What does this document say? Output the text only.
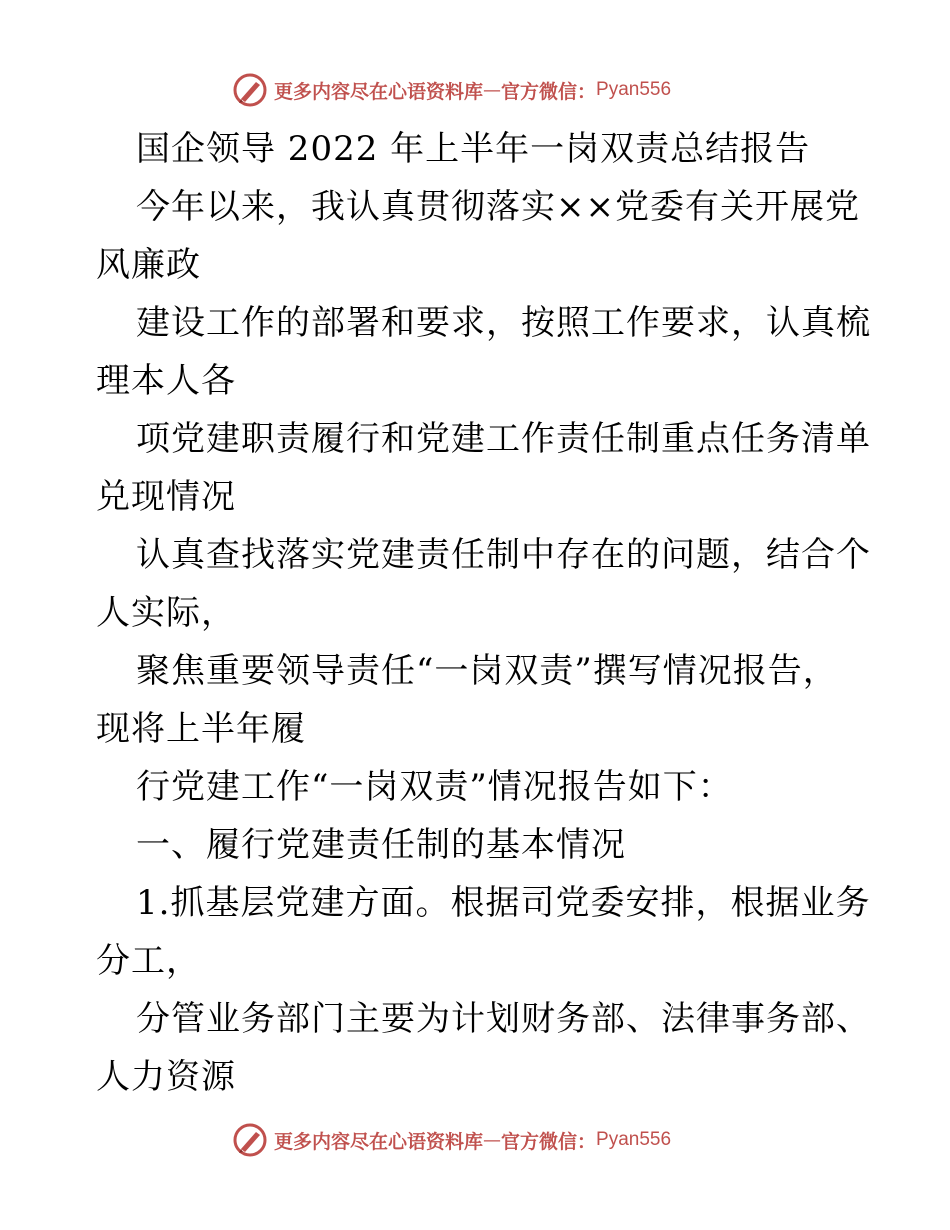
更多内容尽在心语资料库 — 官方微信： Pyan556
国企领导 2022 年上半年一岗双责总结报告
今年以来，我认真贯彻落实××党委有关开展党
风廉政
建设工作的部署和要求，按照工作要求，认真梳
理本人各
项党建职责履行和党建工作责任制重点任务清单
兑现情况
认真查找落实党建责任制中存在的问题，结合个
人实际，
聚焦重要领导责任“一岗双责”撰写情况报告，
现将上半年履
行党建工作“一岗双责”情况报告如下：
一、履行党建责任制的基本情况
1.抓基层党建方面。根据司党委安排，根据业务
分工，
分管业务部门主要为计划财务部、法律事务部、
人力资源
更多内容尽在心语资料库 — 官方微信： Pyan556
